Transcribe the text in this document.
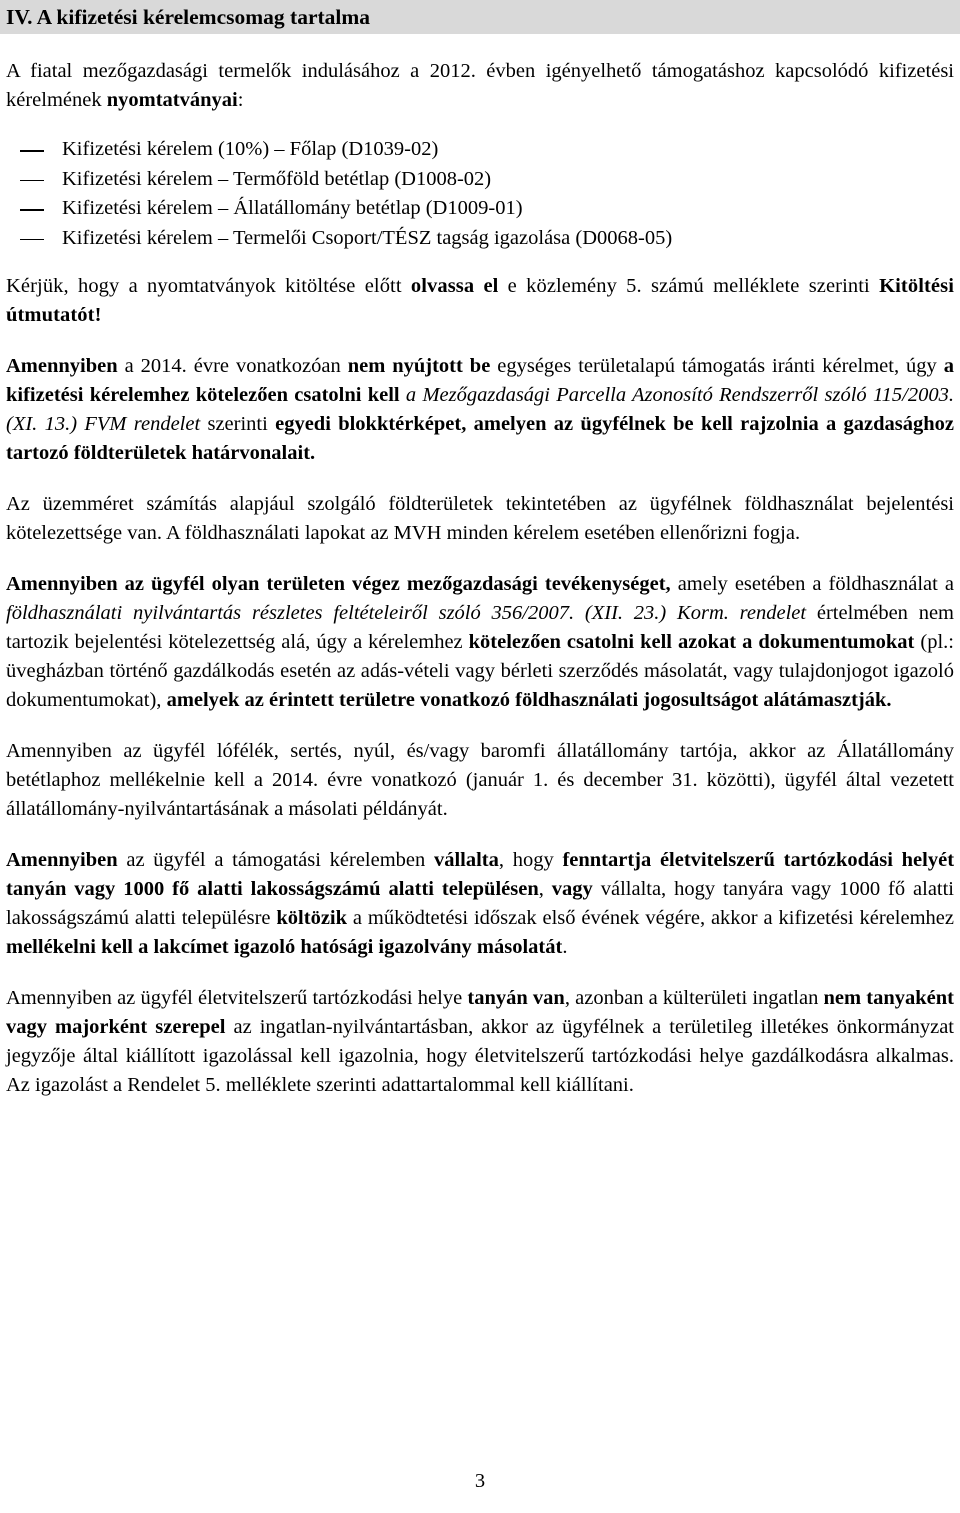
IV. A kifizetési kérelemcsomag tartalma

A fiatal mezőgazdasági termelők indulásához a 2012. évben igényelhető támogatáshoz kapcsolódó kifizetési kérelmének nyomtatványai:

Kifizetési kérelem (10%) – Főlap (D1039-02)
Kifizetési kérelem – Termőföld betétlap (D1008-02)
Kifizetési kérelem – Állatállomány betétlap (D1009-01)
Kifizetési kérelem – Termelői Csoport/TÉSZ tagság igazolása (D0068-05)

Kérjük, hogy a nyomtatványok kitöltése előtt olvassa el e közlemény 5. számú melléklete szerinti Kitöltési útmutatót!

Amennyiben a 2014. évre vonatkozóan nem nyújtott be egységes területalapú támogatás iránti kérelmet, úgy a kifizetési kérelemhez kötelezően csatolni kell a Mezőgazdasági Parcella Azonosító Rendszerről szóló 115/2003. (XI. 13.) FVM rendelet szerinti egyedi blokktérképet, amelyen az ügyfélnek be kell rajzolnia a gazdasághoz tartozó földterületek határvonalait.

Az üzemméret számítás alapjául szolgáló földterületek tekintetében az ügyfélnek földhasználat bejelentési kötelezettsége van. A földhasználati lapokat az MVH minden kérelem esetében ellenőrizni fogja.

Amennyiben az ügyfél olyan területen végez mezőgazdasági tevékenységet, amely esetében a földhasználat a földhasználati nyilvántartás részletes feltételeiről szóló 356/2007. (XII. 23.) Korm. rendelet értelmében nem tartozik bejelentési kötelezettség alá, úgy a kérelemhez kötelezően csatolni kell azokat a dokumentumokat (pl.: üvegházban történő gazdálkodás esetén az adás-vételi vagy bérleti szerződés másolatát, vagy tulajdonjogot igazoló dokumentumokat), amelyek az érintett területre vonatkozó földhasználati jogosultságot alátámasztják.

Amennyiben az ügyfél lófélék, sertés, nyúl, és/vagy baromfi állatállomány tartója, akkor az Állatállomány betétlaphoz mellékelnie kell a 2014. évre vonatkozó (január 1. és december 31. közötti), ügyfél által vezetett állatállomány-nyilvántartásának a másolati példányát.

Amennyiben az ügyfél a támogatási kérelemben vállalta, hogy fenntartja életvitelszerű tartózkodási helyét tanyán vagy 1000 fő alatti lakosságszámú alatti településen, vagy vállalta, hogy tanyára vagy 1000 fő alatti lakosságszámú alatti településre költözik a működtetési időszak első évének végére, akkor a kifizetési kérelemhez mellékelni kell a lakcímet igazoló hatósági igazolvány másolatát.

Amennyiben az ügyfél életvitelszerű tartózkodási helye tanyán van, azonban a külterületi ingatlan nem tanyaként vagy majorként szerepel az ingatlan-nyilvántartásban, akkor az ügyfélnek a területileg illetékes önkormányzat jegyzője által kiállított igazolással kell igazolnia, hogy életvitelszerű tartózkodási helye gazdálkodásra alkalmas. Az igazolást a Rendelet 5. melléklete szerinti adattartalommal kell kiállítani.

3
